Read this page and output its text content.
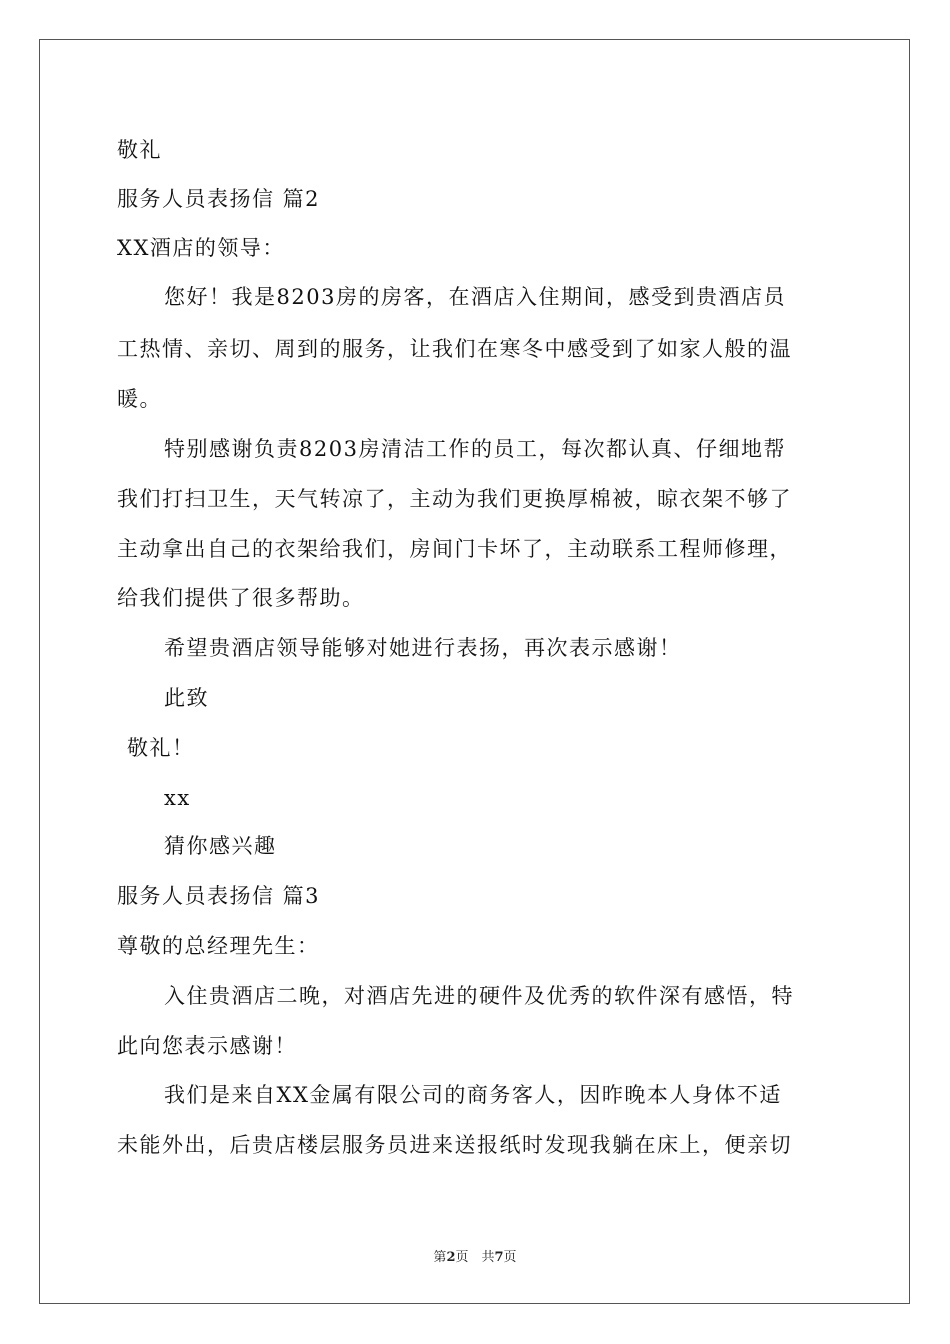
敬礼
服务人员表扬信 篇2
XX酒店的领导：
您好！我是8203房的房客，在酒店入住期间，感受到贵酒店员
工热情、亲切、周到的服务，让我们在寒冬中感受到了如家人般的温
暖。
特别感谢负责8203房清洁工作的员工，每次都认真、仔细地帮
我们打扫卫生，天气转凉了，主动为我们更换厚棉被，晾衣架不够了
主动拿出自己的衣架给我们，房间门卡坏了，主动联系工程师修理，
给我们提供了很多帮助。
希望贵酒店领导能够对她进行表扬，再次表示感谢！
此致
敬礼！
xx
猜你感兴趣
服务人员表扬信 篇3
尊敬的总经理先生：
入住贵酒店二晚，对酒店先进的硬件及优秀的软件深有感悟，特
此向您表示感谢！
我们是来自XX金属有限公司的商务客人，因昨晚本人身体不适
未能外出，后贵店楼层服务员进来送报纸时发现我躺在床上，便亲切
第2页　共7页
